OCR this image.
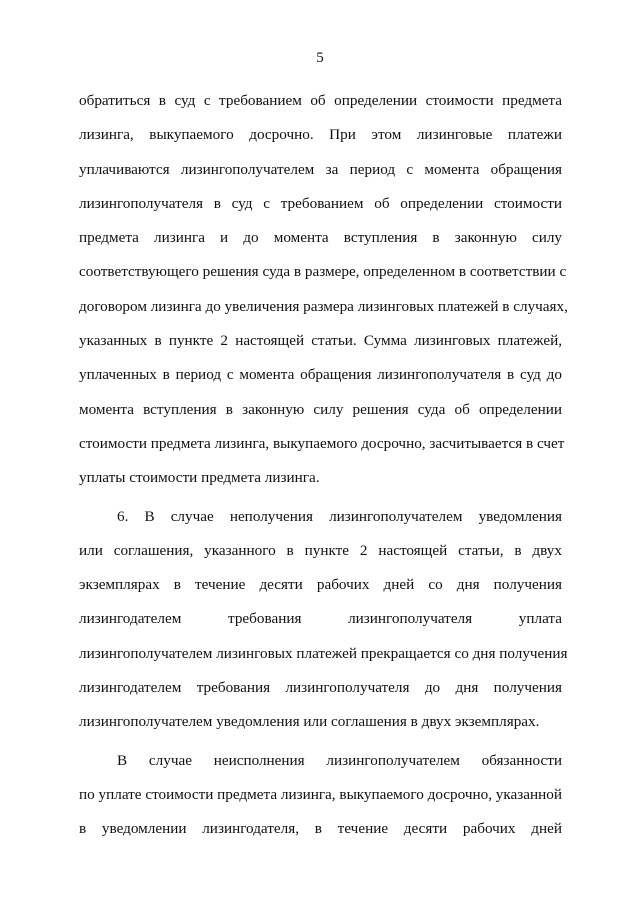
5
обратиться в суд с требованием об определении стоимости предмета
лизинга, выкупаемого досрочно. При этом лизинговые платежи
уплачиваются лизингополучателем за период с момента обращения
лизингополучателя в суд с требованием об определении стоимости
предмета лизинга и до момента вступления в законную силу
соответствующего решения суда в размере, определенном в соответствии с
договором лизинга до увеличения размера лизинговых платежей в случаях,
указанных в пункте 2 настоящей статьи. Сумма лизинговых платежей,
уплаченных в период с момента обращения лизингополучателя в суд до
момента вступления в законную силу решения суда об определении
стоимости предмета лизинга, выкупаемого досрочно, засчитывается в счет
уплаты стоимости предмета лизинга.
6. В случае неполучения лизингополучателем уведомления
или соглашения, указанного в пункте 2 настоящей статьи, в двух
экземплярах в течение десяти рабочих дней со дня получения
лизингодателем требования лизингополучателя уплата
лизингополучателем лизинговых платежей прекращается со дня получения
лизингодателем требования лизингополучателя до дня получения
лизингополучателем уведомления или соглашения в двух экземплярах.
В случае неисполнения лизингополучателем обязанности
по уплате стоимости предмета лизинга, выкупаемого досрочно, указанной
в уведомлении лизингодателя, в течение десяти рабочих дней
